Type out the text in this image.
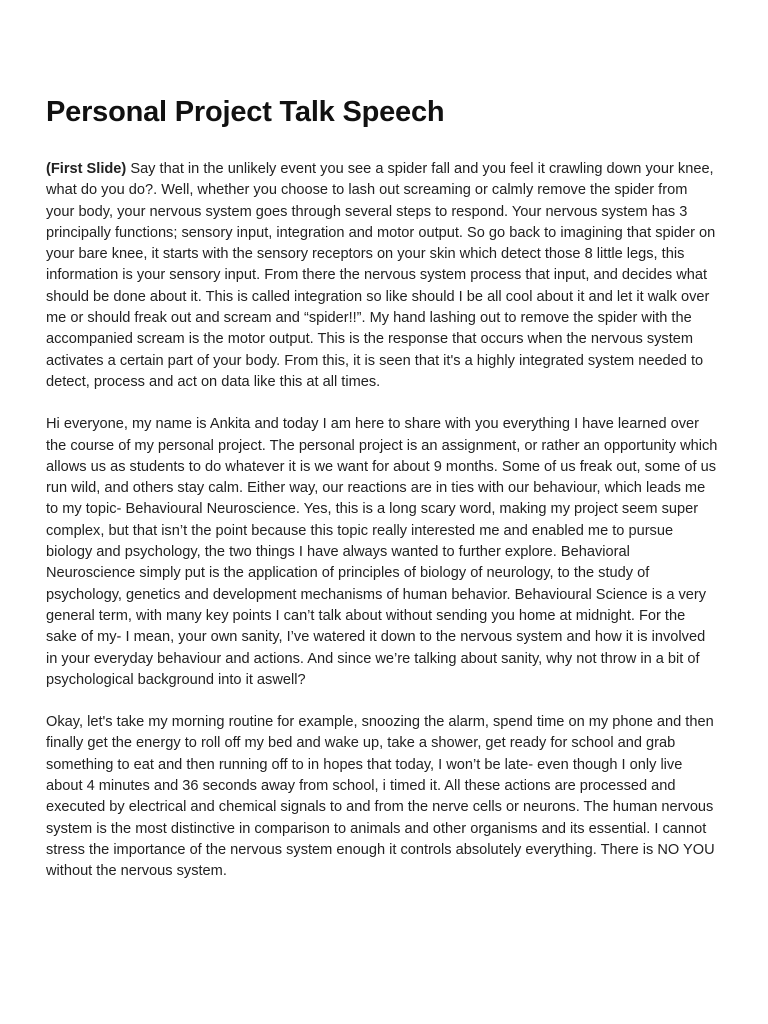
Personal Project Talk Speech

(First Slide) Say that in the unlikely event you see a spider fall and you feel it crawling down your knee, what do you do?. Well, whether you choose to lash out screaming or calmly remove the spider from your body, your nervous system goes through several steps to respond. Your nervous system has 3 principally functions; sensory input, integration and motor output. So go back to imagining that spider on your bare knee, it starts with the sensory receptors on your skin which detect those 8 little legs, this information is your sensory input. From there the nervous system process that input, and decides what should be done about it. This is called integration so like should I be all cool about it and let it walk over me or should freak out and scream and “spider!!”. My hand lashing out to remove the spider with the accompanied scream is the motor output. This is the response that occurs when the nervous system activates a certain part of your body. From this, it is seen that it's a highly integrated system needed to detect, process and act on data like this at all times.

Hi everyone, my name is Ankita and today I am here to share with you everything I have learned over the course of my personal project. The personal project is an assignment, or rather an opportunity which allows us as students to do whatever it is we want for about 9 months. Some of us freak out, some of us run wild, and others stay calm. Either way, our reactions are in ties with our behaviour, which leads me to my topic- Behavioural Neuroscience. Yes, this is a long scary word, making my project seem super complex, but that isn’t the point because this topic really interested me and enabled me to pursue biology and psychology, the two things I have always wanted to further explore. Behavioral Neuroscience simply put is the application of principles of biology of neurology, to the study of psychology, genetics and development mechanisms of human behavior. Behavioural Science is a very general term, with many key points I can’t talk about without sending you home at midnight. For the sake of my- I mean, your own sanity, I’ve watered it down to the nervous system and how it is involved in your everyday behaviour and actions. And since we’re talking about sanity, why not throw in a bit of psychological background into it aswell?

Okay, let's take my morning routine for example, snoozing the alarm, spend time on my phone and then finally get the energy to roll off my bed and wake up, take a shower, get ready for school and grab something to eat and then running off to in hopes that today, I won’t be late- even though I only live about 4 minutes and 36 seconds away from school, i timed it. All these actions are processed and executed by electrical and chemical signals to and from the nerve cells or neurons. The human nervous system is the most distinctive in comparison to animals and other organisms and its essential. I cannot stress the importance of the nervous system enough it controls absolutely everything. There is NO YOU without the nervous system.
